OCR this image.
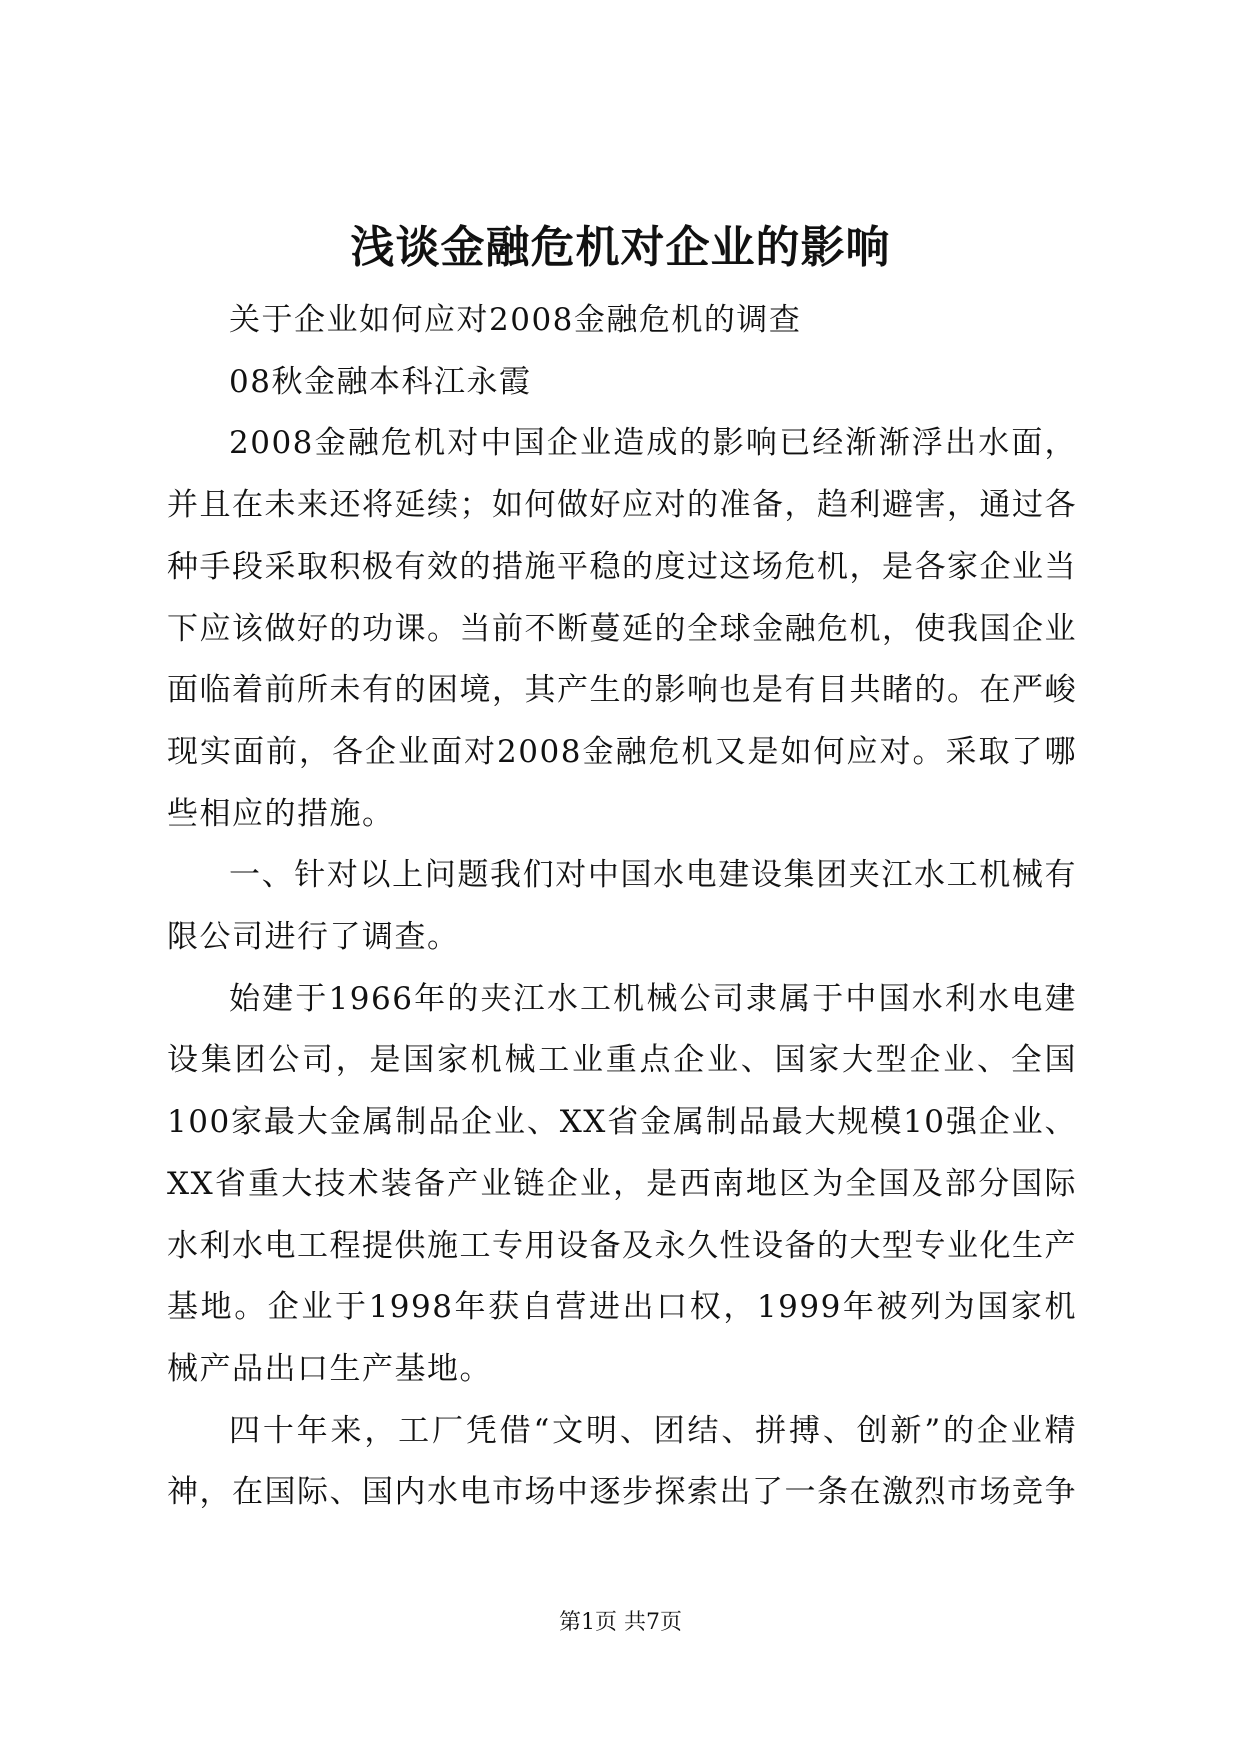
浅谈金融危机对企业的影响

关于企业如何应对2008金融危机的调查

08秋金融本科江永霞

2008金融危机对中国企业造成的影响已经渐渐浮出水面，并且在未来还将延续；如何做好应对的准备，趋利避害，通过各种手段采取积极有效的措施平稳的度过这场危机，是各家企业当下应该做好的功课。当前不断蔓延的全球金融危机，使我国企业面临着前所未有的困境，其产生的影响也是有目共睹的。在严峻现实面前，各企业面对2008金融危机又是如何应对。采取了哪些相应的措施。

一、针对以上问题我们对中国水电建设集团夹江水工机械有限公司进行了调查。

始建于1966年的夹江水工机械公司隶属于中国水利水电建设集团公司，是国家机械工业重点企业、国家大型企业、全国100家最大金属制品企业、XX省金属制品最大规模10强企业、XX省重大技术装备产业链企业，是西南地区为全国及部分国际水利水电工程提供施工专用设备及永久性设备的大型专业化生产基地。企业于1998年获自营进出口权，1999年被列为国家机械产品出口生产基地。

四十年来，工厂凭借“文明、团结、拼搏、创新”的企业精神，在国际、国内水电市场中逐步探索出了一条在激烈市场竞争

第1页 共7页
